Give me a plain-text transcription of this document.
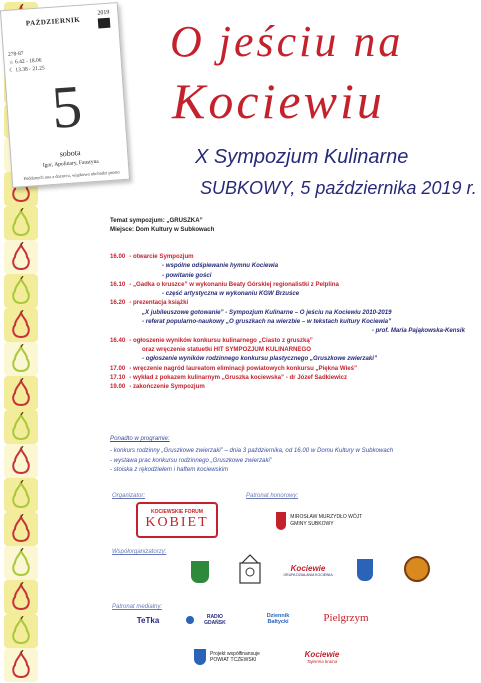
PAŹDZIERNIK
2019
278-87
☼ 6.42 - 18.06
☾ 13.38 - 21.25
5
sobota
Igor, Apolinary, Faustyna
Poddanych ona a dozorcu, wjątkowo obchodzi prosto
O jeściu na
Kociewiu
X Sympozjum Kulinarne
SUBKOWY, 5 października 2019 r.
Temat sympozjum: „GRUSZKA”
Miejsce: Dom Kultury w Subkowach
16.00 - otwarcie Sympozjum
- wspólne odśpiewanie hymnu Kociewia
- powitanie gości
16.10 - „Gadka o kruszce” w wykonaniu Beaty Górskiej regionalistki z Pelplina
- część artystyczna w wykonaniu KGW Brzuśce
16.20 - prezentacja książki
„X jubileuszowe gotowanie” - Sympozjum Kulinarne – O jeściu na Kociewiu 2010-2019
- referat popularno-naukowy „O gruszkach na wierzbie – w tekstach kultury Kociewia”
- prof. Maria Pająkowska-Kensik
16.40 - ogłoszenie wyników konkursu kulinarnego „Ciasto z gruszką”
oraz wręczenie statuetki HIT SYMPOZJUM KULINARNEGO
- ogłoszenie wyników rodzinnego konkursu plastycznego „Gruszkowe zwierzaki”
17.00 - wręczenie nagród laureatom eliminacji powiatowych konkursu „Piękna Wieś”
17.10 - wykład z pokazem kulinarnym „Gruszka kociewska” - dr Józef Sadkiewicz
19.00 - zakończenie Sympozjum
Ponadto w programie:
- konkurs rodzinny „Gruszkowe zwierzaki” – dnia 3 października, od 16.00 w Domu Kultury w Subkowach
- wystawa prac konkursu rodzinnego „Gruszkowe zwierzaki”
- stoiska z rękodziełem i haftem kociewskim
Organizator:	Patronat honorowy:
Współorganizatorzy:
Patronat medialny:
KOCIEWSKIE FORUM
KOBIET	MIROSŁAW MURZYDŁO WÓJT GMINY SUBKOWY
Kociewie
GRUPA DZIAŁANIA KOCIEWIA
TeTka	RADIO GDAŃSK
Dziennik Bałtycki	Pielgrzym
Projekt współfinansuje POWIAT TCZEWSKI
Kociewie
Tajemna kraina
